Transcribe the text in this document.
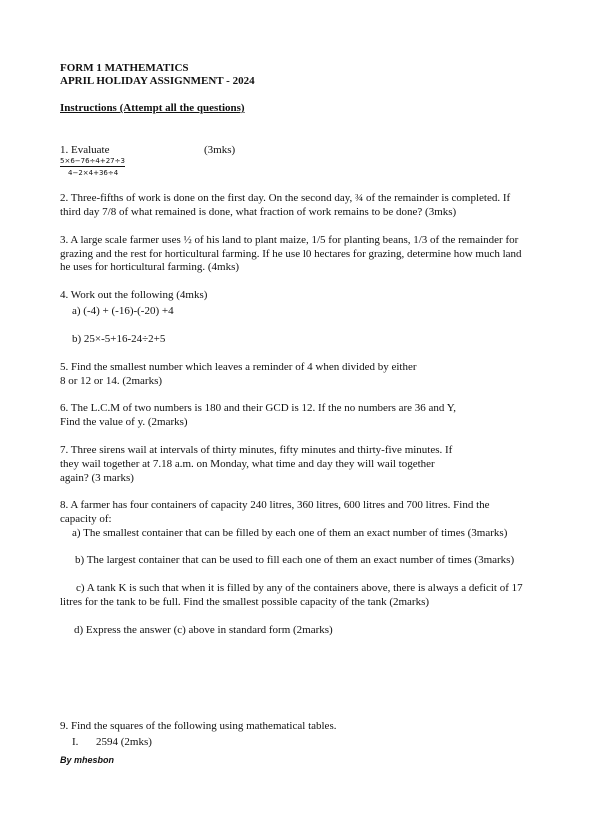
FORM 1 MATHEMATICS
APRIL HOLIDAY ASSIGNMENT - 2024
Instructions (Attempt all the questions)
1. Evaluate	(3mks)
$\frac{5\times 6-76\div 4+27\div 3}{4-2\times 4+36\div 4}$
2. Three-fifths of work is done on the first day. On the second day, ¾ of the remainder is completed. If
third day 7/8 of what remained is done, what fraction of work remains to be done? (3mks)
3. A large scale farmer uses ½ of his land to plant maize, 1/5 for planting beans, 1/3 of the remainder for
grazing and the rest for horticultural farming. If he use l0 hectares for grazing, determine how much land
he uses for horticultural farming. (4mks)
4. Work out the following (4mks)
a) (-4) + (-16)-(-20) +4
b) 25×-5+16-24÷2+5
5. Find the smallest number which leaves a reminder of 4 when divided by either
8 or 12 or 14. (2marks)
6. The L.C.M of two numbers is 180 and their GCD is 12. If the no numbers are 36 and Y,
Find the value of y. (2marks)
7. Three sirens wail at intervals of thirty minutes, fifty minutes and thirty-five minutes. If
they wail together at 7.18 a.m. on Monday, what time and day they will wail together
again? (3 marks)
8. A farmer has four containers of capacity 240 litres, 360 litres, 600 litres and 700 litres. Find the
capacity of:
a) The smallest container that can be filled by each one of them an exact number of times (3marks)
b) The largest container that can be used to fill each one of them an exact number of times (3marks)
c) A tank K is such that when it is filled by any of the containers above, there is always a deficit of 17
litres for the tank to be full. Find the smallest possible capacity of the tank (2marks)
d) Express the answer (c) above in standard form (2marks)
9. Find the squares of the following using mathematical tables.
I. 2594 (2mks)
By mhesbon
